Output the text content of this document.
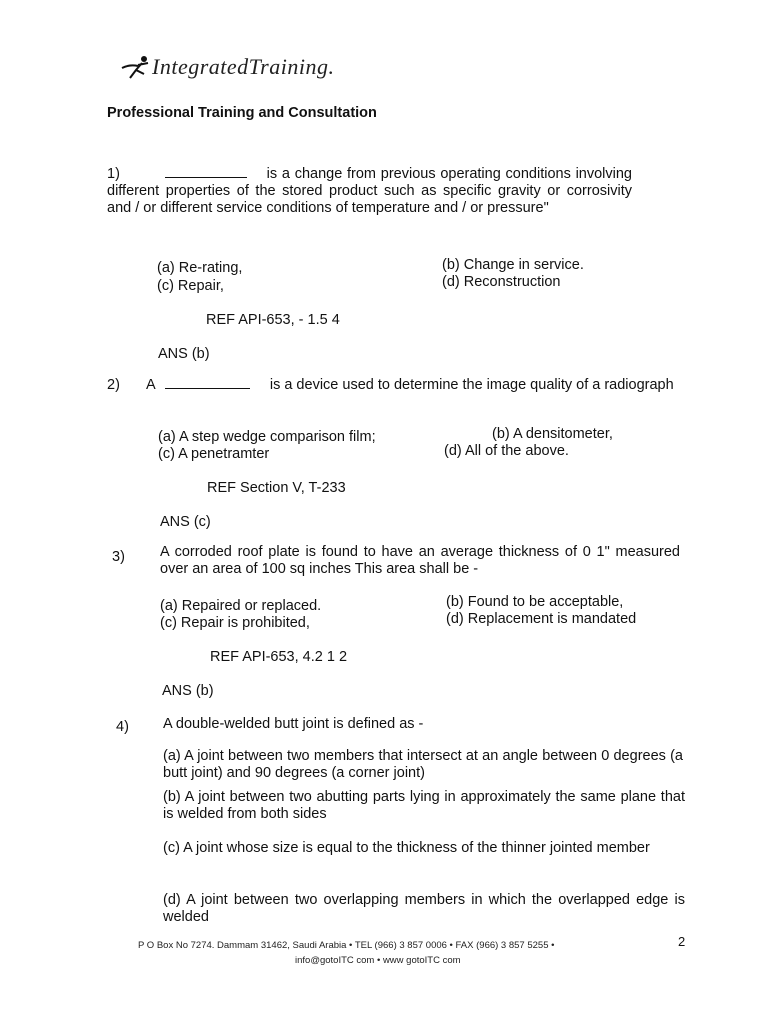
IntegratedTraining.
Professional Training and Consultation
1)	is a change from previous operating conditions involving different properties of the stored product such as specific gravity or corrosivity and / or different service conditions of temperature and / or pressure"
(a) Re-rating,	(b) Change in service.
(c) Repair,	(d) Reconstruction
REF API-653, - 1.5 4
ANS (b)
2) A	is a device used to determine the image quality of a radiograph
(a) A step wedge comparison film;	(b) A densitometer,
(c) A penetramter	(d) All of the above.
REF Section V, T-233
ANS (c)
3) A corroded roof plate is found to have an average thickness of 0 1" measured over an area of 100 sq inches This area shall be -
(a) Repaired or replaced.	(b) Found to be acceptable,
(c) Repair is prohibited,	(d) Replacement is mandated
REF API-653, 4.2 1 2
ANS (b)
4) A double-welded butt joint is defined as -
(a) A joint between two members that intersect at an angle between 0 degrees (a butt joint) and 90 degrees (a corner joint)
(b) A joint between two abutting parts lying in approximately the same plane that is welded from both sides
(c) A joint whose size is equal to the thickness of the thinner jointed member
(d) A joint between two overlapping members in which the overlapped edge is welded
P O Box No 7274. Dammam 31462, Saudi Arabia • TEL (966) 3 857 0006 • FAX (966) 3 857 5255 •
info@gotoITC com • www gotoITC com
2
